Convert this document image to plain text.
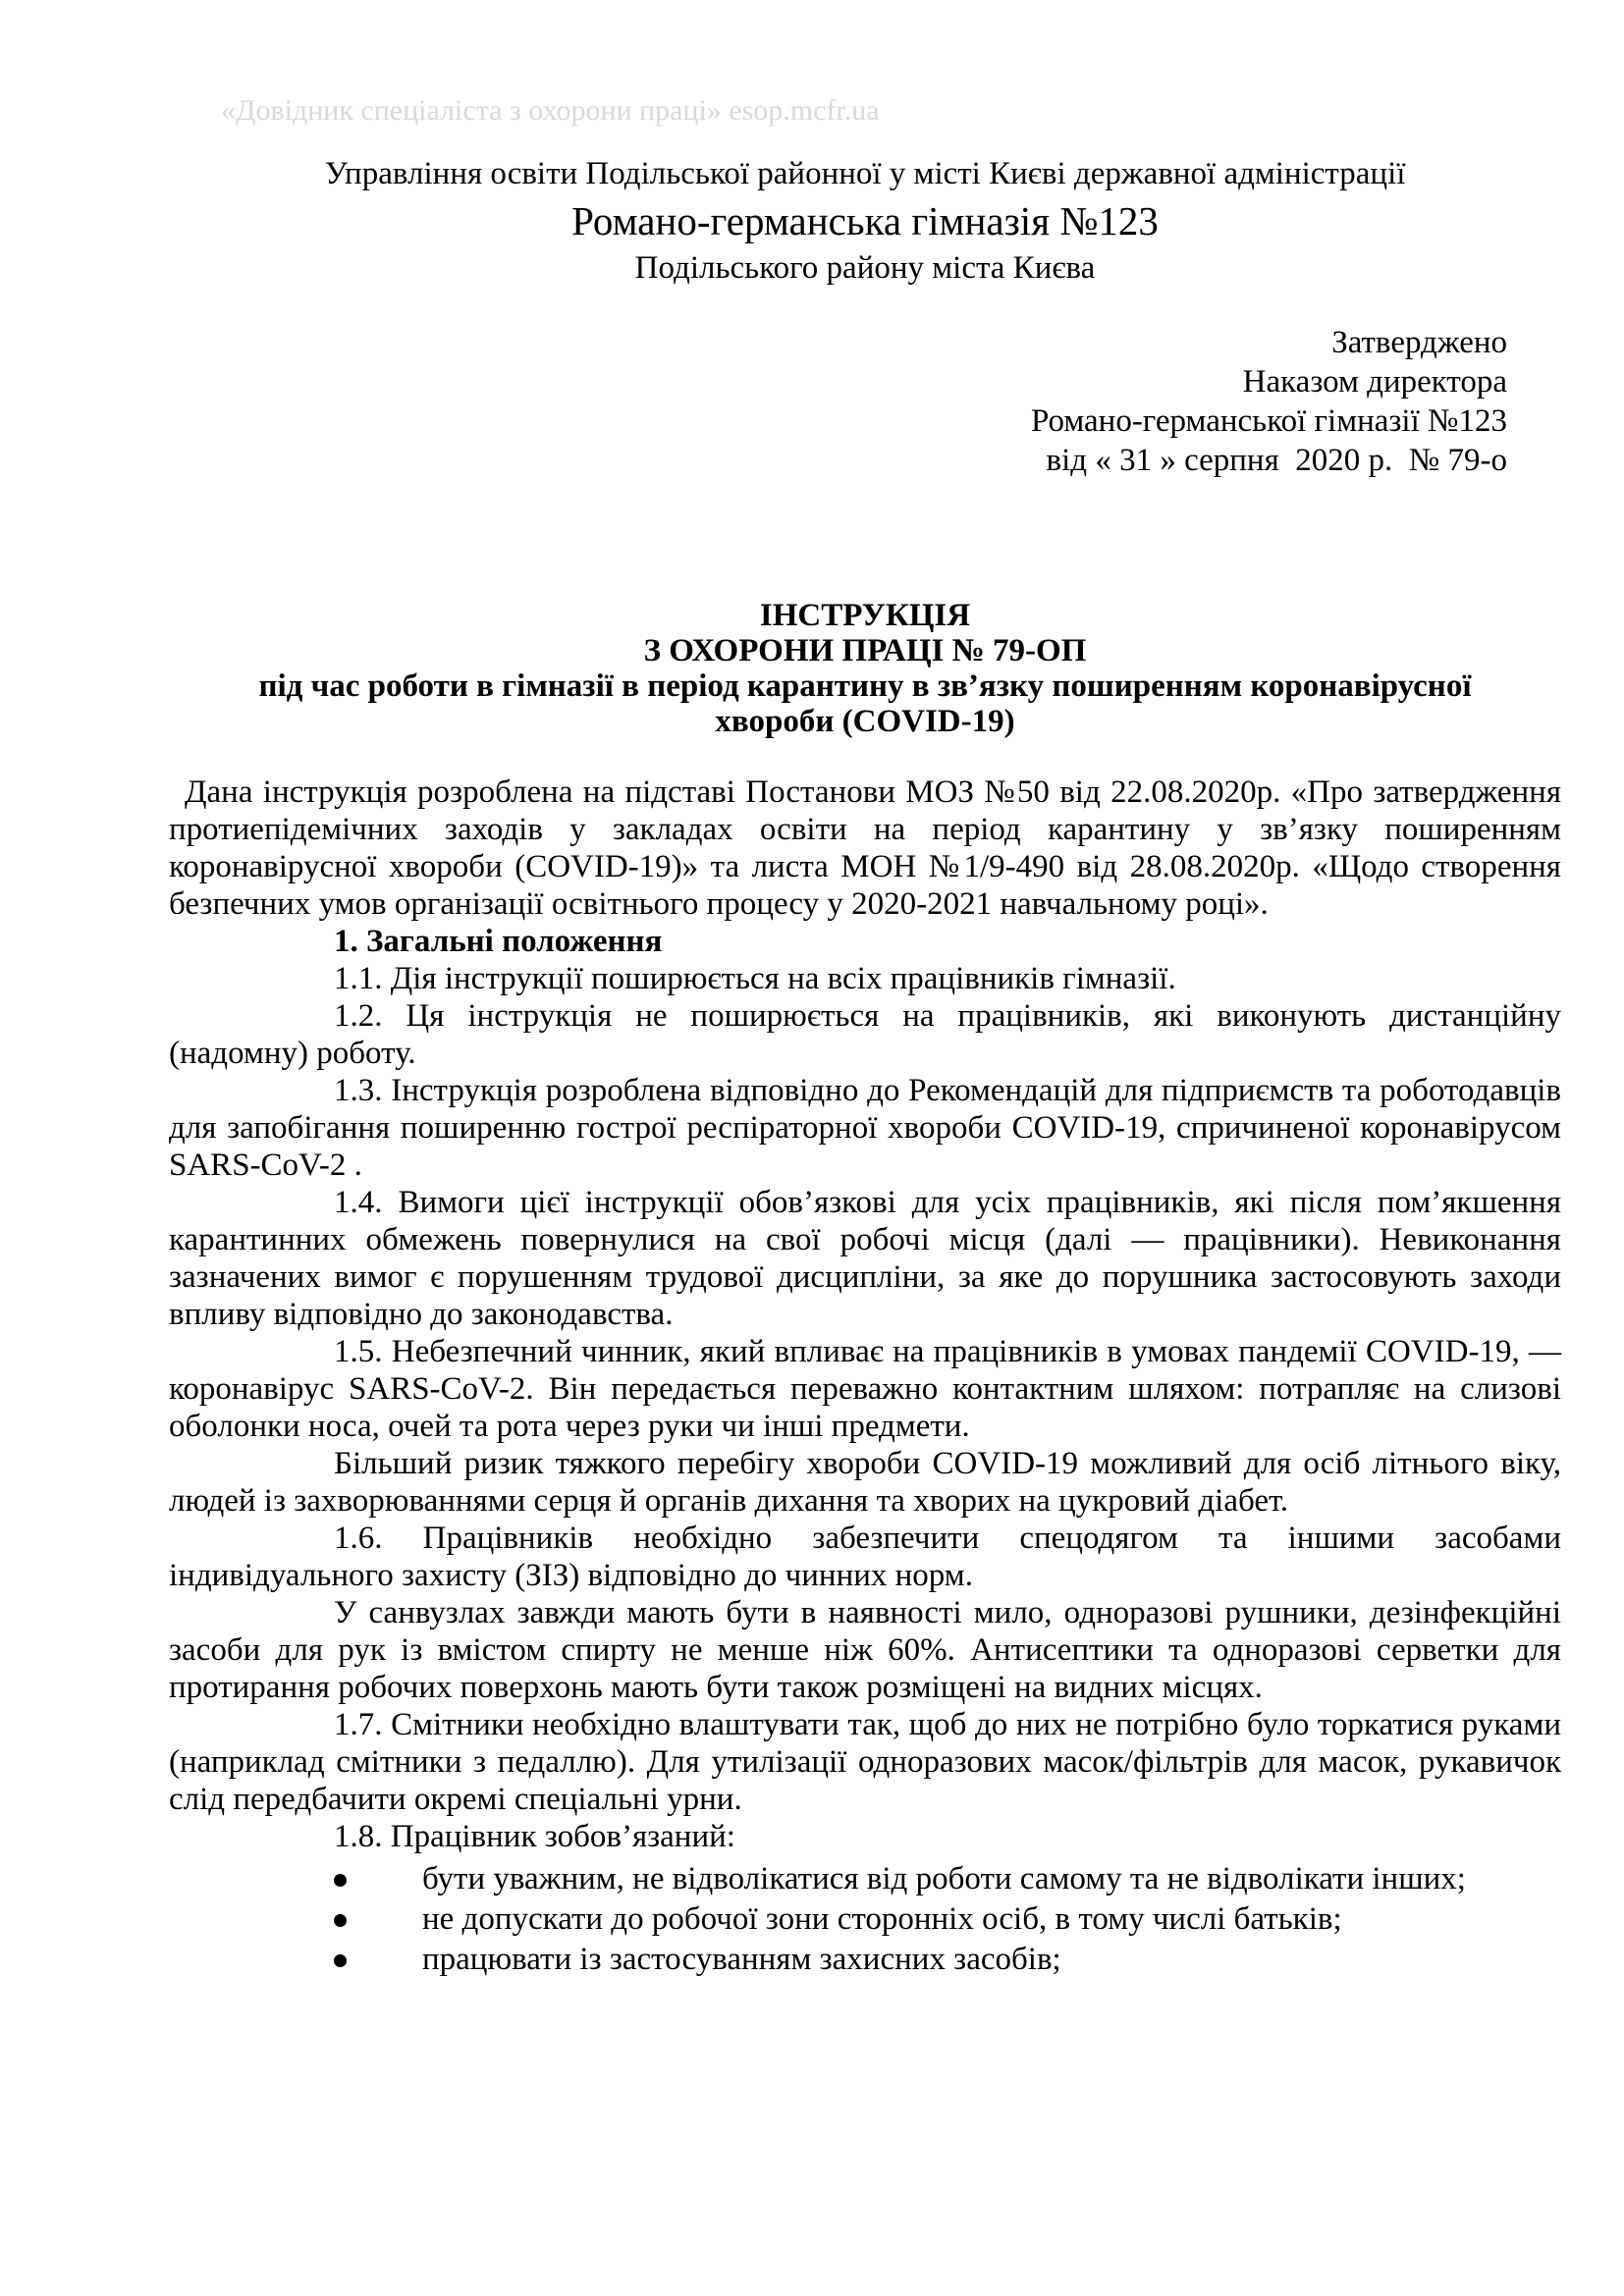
«Довідник спеціаліста з охорони праці» esop.mcfr.ua
Управління освіти Подільської районної у місті Києві державної адміністрації
Романо-германська гімназія №123
Подільського району міста Києва
Затверджено
Наказом директора
Романо-германської гімназії №123
від « 31 » серпня  2020 р.  № 79-о
ІНСТРУКЦІЯ
З ОХОРОНИ ПРАЦІ № 79-ОП
під час роботи в гімназії в період карантину в зв’язку поширенням коронавірусної
хвороби (COVID-19)

Дана інструкція розроблена на підставі Постанови МОЗ №50 від 22.08.2020р. «Про затвердження протиепідемічних заходів у закладах освіти на період карантину у зв’язку поширенням коронавірусної хвороби (COVID-19)» та листа МОН №1/9-490 від 28.08.2020р. «Щодо створення безпечних умов організації освітнього процесу у 2020-2021 навчальному році».

1. Загальні положення

1.1. Дія інструкції поширюється на всіх працівників гімназії.

1.2. Ця інструкція не поширюється на працівників, які виконують дистанційну (надомну) роботу.

1.3. Інструкція розроблена відповідно до Рекомендацій для підприємств та роботодавців для запобігання поширенню гострої респіраторної хвороби COVID-19, спричиненої коронавірусом SARS-CoV-2 .

1.4. Вимоги цієї інструкції обов’язкові для усіх працівників, які після пом’якшення карантинних обмежень повернулися на свої робочі місця (далі — працівники). Невиконання зазначених вимог є порушенням трудової дисципліни, за яке до порушника застосовують заходи впливу відповідно до законодавства.

1.5. Небезпечний чинник, який впливає на працівників в умовах пандемії COVID-19, — коронавірус SARS-CoV-2. Він передається переважно контактним шляхом: потрапляє на слизові оболонки носа, очей та рота через руки чи інші предмети.

Більший ризик тяжкого перебігу хвороби COVID-19 можливий для осіб літнього віку, людей із захворюваннями серця й органів дихання та хворих на цукровий діабет.

1.6. Працівників необхідно забезпечити спецодягом та іншими засобами індивідуального захисту (ЗІЗ) відповідно до чинних норм.

У санвузлах завжди мають бути в наявності мило, одноразові рушники, дезінфекційні засоби для рук із вмістом спирту не менше ніж 60%. Антисептики та одноразові серветки для протирання робочих поверхонь мають бути також розміщені на видних місцях.

1.7. Смітники необхідно влаштувати так, щоб до них не потрібно було торкатися руками (наприклад смітники з педаллю). Для утилізації одноразових масок/фільтрів для масок, рукавичок слід передбачити окремі спеціальні урни.

1.8. Працівник зобов’язаний:

бути уважним, не відволікатися від роботи самому та не відволікати інших;
не допускати до робочої зони сторонніх осіб, в тому числі батьків;
працювати із застосуванням захисних засобів;
